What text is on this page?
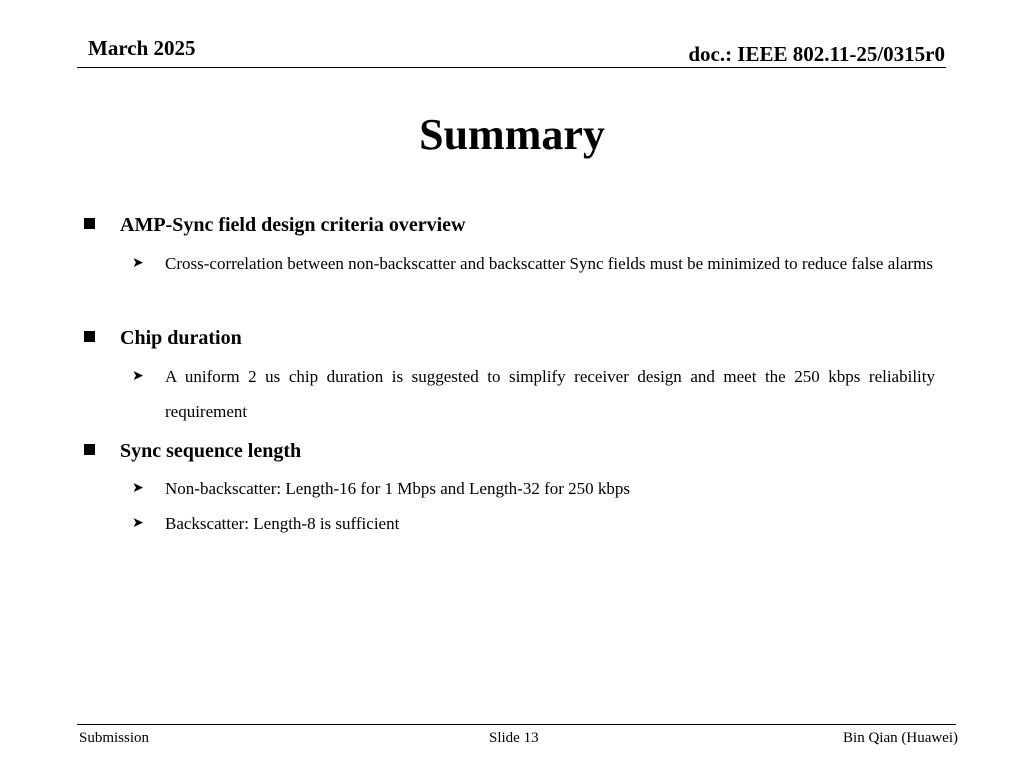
March 2025	doc.: IEEE 802.11-25/0315r0
Summary
AMP-Sync field design criteria overview
➤	Cross-correlation between non-backscatter and backscatter Sync fields must be minimized to reduce false alarms
Chip duration
➤	A uniform 2 us chip duration is suggested to simplify receiver design and meet the 250 kbps reliability requirement
Sync sequence length
➤	Non-backscatter: Length-16 for 1 Mbps and Length-32 for 250 kbps
➤	Backscatter: Length-8 is sufficient
Submission	Slide 13	Bin Qian (Huawei)
